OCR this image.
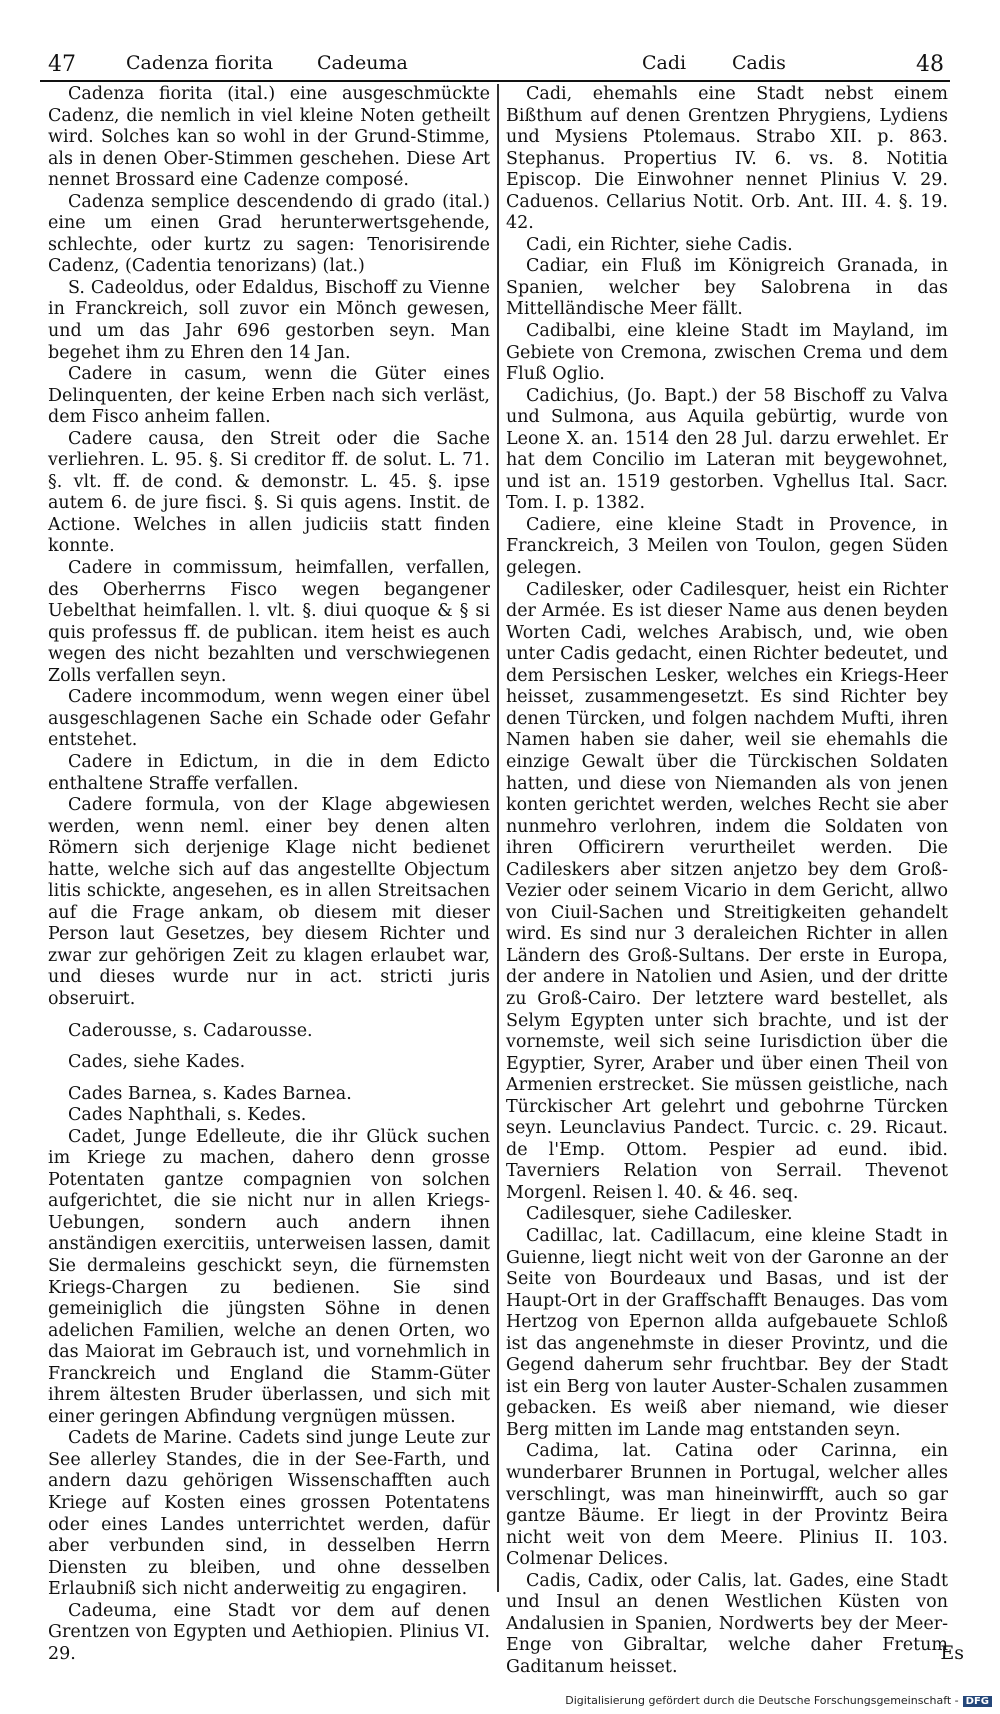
47	Cadenza fiorita Cadeuma	Cadi Cadis	48

Cadenza fiorita (ital.) eine ausgeschmückte Cadenz, die nemlich in viel kleine Noten getheilt wird. Solches kan so wohl in der Grund-Stimme, als in denen Ober-Stimmen geschehen. Diese Art nennet Brossard eine Cadenze composé.

Cadenza semplice descendendo di grado (ital.) eine um einen Grad herunterwertsgehende, schlechte, oder kurtz zu sagen: Tenorisirende Cadenz, (Cadentia tenorizans) (lat.)

S. Cadeoldus, oder Edaldus, Bischoff zu Vienne in Franckreich, soll zuvor ein Mönch gewesen, und um das Jahr 696 gestorben seyn. Man begehet ihm zu Ehren den 14 Jan.

Cadere in casum, wenn die Güter eines Delinquenten, der keine Erben nach sich verläst, dem Fisco anheim fallen.

Cadere causa, den Streit oder die Sache verliehren. L. 95. §. Si creditor ff. de solut. L. 71. §. vlt. ff. de cond. & demonstr. L. 45. §. ipse autem 6. de jure fisci. §. Si quis agens. Instit. de Actione. Welches in allen judiciis statt finden konnte.

Cadere in commissum, heimfallen, verfallen, des Oberherrns Fisco wegen begangener Uebelthat heimfallen. l. vlt. §. diui quoque & § si quis professus ff. de publican. item heist es auch wegen des nicht bezahlten und verschwiegenen Zolls verfallen seyn.

Cadere incommodum, wenn wegen einer übel ausgeschlagenen Sache ein Schade oder Gefahr entstehet.

Cadere in Edictum, in die in dem Edicto enthaltene Straffe verfallen.

Cadere formula, von der Klage abgewiesen werden, wenn neml. einer bey denen alten Römern sich derjenige Klage nicht bedienet hatte, welche sich auf das angestellte Objectum litis schickte, angesehen, es in allen Streitsachen auf die Frage ankam, ob diesem mit dieser Person laut Gesetzes, bey diesem Richter und zwar zur gehörigen Zeit zu klagen erlaubet war, und dieses wurde nur in act. stricti juris obseruirt.

Caderousse, s. Cadarousse.

Cades, siehe Kades.

Cades Barnea, s. Kades Barnea.

Cades Naphthali, s. Kedes.

Cadet, Junge Edelleute, die ihr Glück suchen im Kriege zu machen, dahero denn grosse Potentaten gantze compagnien von solchen aufgerichtet, die sie nicht nur in allen Kriegs-Uebungen, sondern auch andern ihnen anständigen exercitiis, unterweisen lassen, damit Sie dermaleins geschickt seyn, die fürnemsten Kriegs-Chargen zu bedienen. Sie sind gemeiniglich die jüngsten Söhne in denen adelichen Familien, welche an denen Orten, wo das Maiorat im Gebrauch ist, und vornehmlich in Franckreich und England die Stamm-Güter ihrem ältesten Bruder überlassen, und sich mit einer geringen Abfindung vergnügen müssen.

Cadets de Marine. Cadets sind junge Leute zur See allerley Standes, die in der See-Farth, und andern dazu gehörigen Wissenschafften auch Kriege auf Kosten eines grossen Potentatens oder eines Landes unterrichtet werden, dafür aber verbunden sind, in desselben Herrn Diensten zu bleiben, und ohne desselben Erlaubniß sich nicht anderweitig zu engagiren.

Cadeuma, eine Stadt vor dem auf denen Grentzen von Egypten und Aethiopien. Plinius VI. 29.

Cadi, ehemahls eine Stadt nebst einem Bißthum auf denen Grentzen Phrygiens, Lydiens und Mysiens Ptolemaus. Strabo XII. p. 863. Stephanus. Propertius IV. 6. vs. 8. Notitia Episcop. Die Einwohner nennet Plinius V. 29. Caduenos. Cellarius Notit. Orb. Ant. III. 4. §. 19. 42.

Cadi, ein Richter, siehe Cadis.

Cadiar, ein Fluß im Königreich Granada, in Spanien, welcher bey Salobrena in das Mittelländische Meer fällt.

Cadibalbi, eine kleine Stadt im Mayland, im Gebiete von Cremona, zwischen Crema und dem Fluß Oglio.

Cadichius, (Jo. Bapt.) der 58 Bischoff zu Valva und Sulmona, aus Aquila gebürtig, wurde von Leone X. an. 1514 den 28 Jul. darzu erwehlet. Er hat dem Concilio im Lateran mit beygewohnet, und ist an. 1519 gestorben. Vghellus Ital. Sacr. Tom. I. p. 1382.

Cadiere, eine kleine Stadt in Provence, in Franckreich, 3 Meilen von Toulon, gegen Süden gelegen.

Cadilesker, oder Cadilesquer, heist ein Richter der Armée. Es ist dieser Name aus denen beyden Worten Cadi, welches Arabisch, und, wie oben unter Cadis gedacht, einen Richter bedeutet, und dem Persischen Lesker, welches ein Kriegs-Heer heisset, zusammengesetzt. Es sind Richter bey denen Türcken, und folgen nachdem Mufti, ihren Namen haben sie daher, weil sie ehemahls die einzige Gewalt über die Türckischen Soldaten hatten, und diese von Niemanden als von jenen konten gerichtet werden, welches Recht sie aber nunmehro verlohren, indem die Soldaten von ihren Officirern verurtheilet werden. Die Cadileskers aber sitzen anjetzo bey dem Groß-Vezier oder seinem Vicario in dem Gericht, allwo von Ciuil-Sachen und Streitigkeiten gehandelt wird. Es sind nur 3 deraleichen Richter in allen Ländern des Groß-Sultans. Der erste in Europa, der andere in Natolien und Asien, und der dritte zu Groß-Cairo. Der letztere ward bestellet, als Selym Egypten unter sich brachte, und ist der vornemste, weil sich seine Iurisdiction über die Egyptier, Syrer, Araber und über einen Theil von Armenien erstrecket. Sie müssen geistliche, nach Türckischer Art gelehrt und gebohrne Türcken seyn. Leunclavius Pandect. Turcic. c. 29. Ricaut. de l'Emp. Ottom. Pespier ad eund. ibid. Taverniers Relation von Serrail. Thevenot Morgenl. Reisen l. 40. & 46. seq.

Cadilesquer, siehe Cadilesker.

Cadillac, lat. Cadillacum, eine kleine Stadt in Guienne, liegt nicht weit von der Garonne an der Seite von Bourdeaux und Basas, und ist der Haupt-Ort in der Graffschafft Benauges. Das vom Hertzog von Epernon allda aufgebauete Schloß ist das angenehmste in dieser Provintz, und die Gegend daherum sehr fruchtbar. Bey der Stadt ist ein Berg von lauter Auster-Schalen zusammen gebacken. Es weiß aber niemand, wie dieser Berg mitten im Lande mag entstanden seyn.

Cadima, lat. Catina oder Carinna, ein wunderbarer Brunnen in Portugal, welcher alles verschlingt, was man hineinwirfft, auch so gar gantze Bäume. Er liegt in der Provintz Beira nicht weit von dem Meere. Plinius II. 103. Colmenar Delices.

Cadis, Cadix, oder Calis, lat. Gades, eine Stadt und Insul an denen Westlichen Küsten von Andalusien in Spanien, Nordwerts bey der Meer-Enge von Gibraltar, welche daher Fretum Gaditanum heisset.

Es
Digitalisierung gefördert durch die Deutsche Forschungsgemeinschaft - DFG
